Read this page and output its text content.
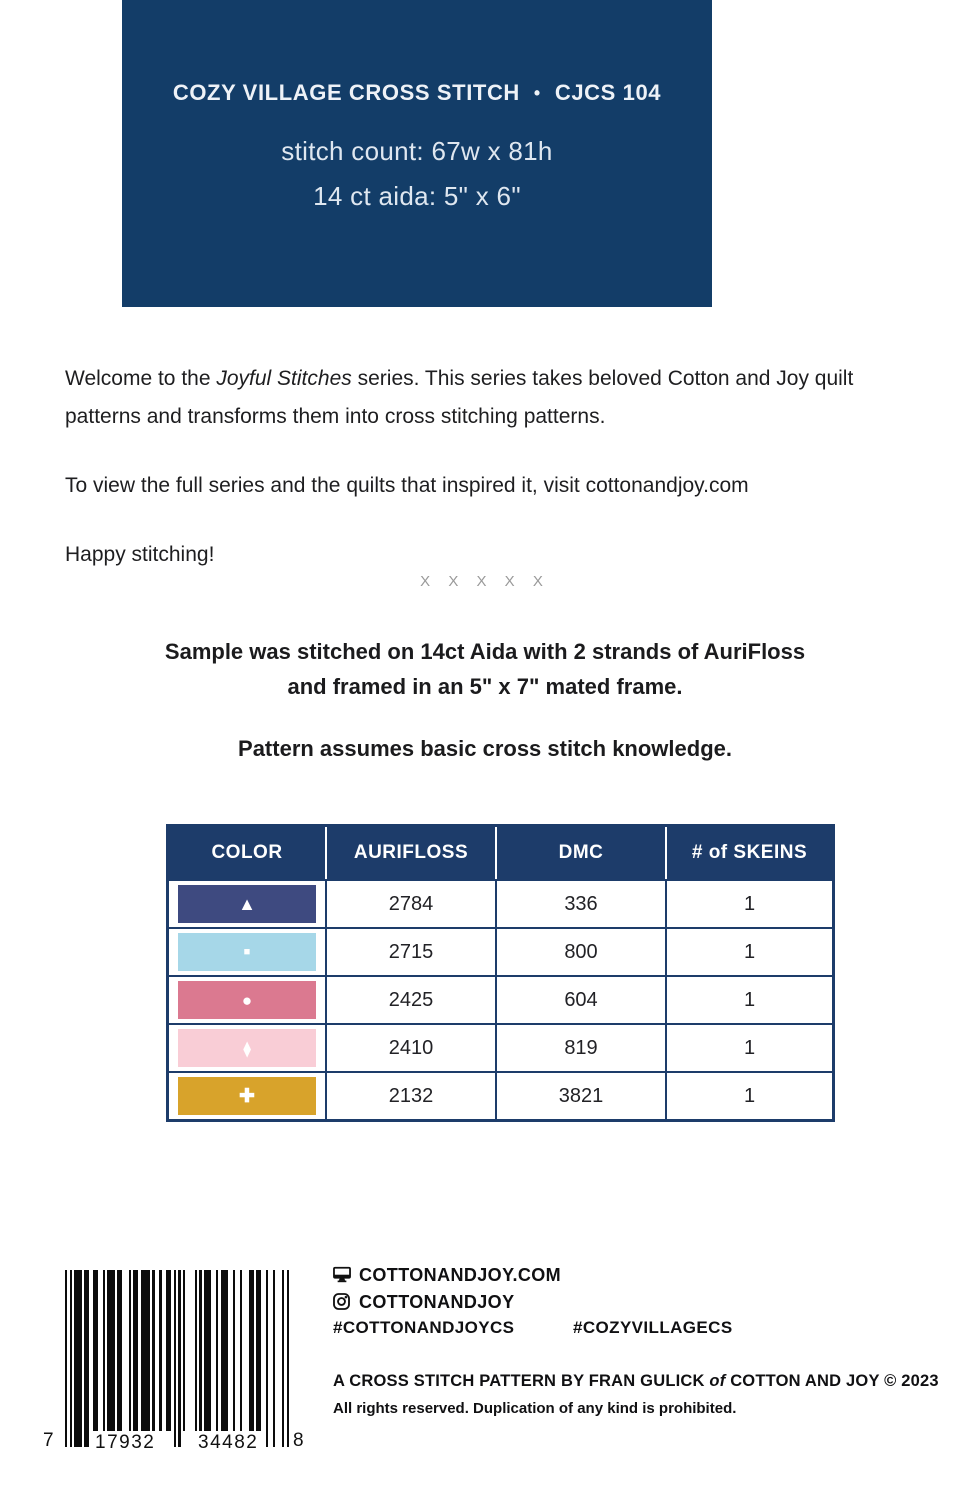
COZY VILLAGE CROSS STITCH • CJCS 104
stitch count: 67w x 81h
14 ct aida: 5" x 6"

Welcome to the Joyful Stitches series. This series takes beloved Cotton and Joy quilt patterns and transforms them into cross stitching patterns.

To view the full series and the quilts that inspired it, visit cottonandjoy.com

Happy stitching!

X X X X X
Sample was stitched on 14ct Aida with 2 strands of AuriFloss
and framed in an 5" x 7" mated frame.
Pattern assumes basic cross stitch knowledge.
COLOR	AURIFLOSS	DMC	# of SKEINS

▲	2784	336	1

■	2715	800	1

●	2425	604	1

◆	2410	819	1

✚	2132	3821	1
7 17932 34482 8
COTTONANDJOY.COM
COTTONANDJOY
#COTTONANDJOYCS	#COZYVILLAGECS
A CROSS STITCH PATTERN BY FRAN GULICK of COTTON AND JOY © 2023
All rights reserved. Duplication of any kind is prohibited.
